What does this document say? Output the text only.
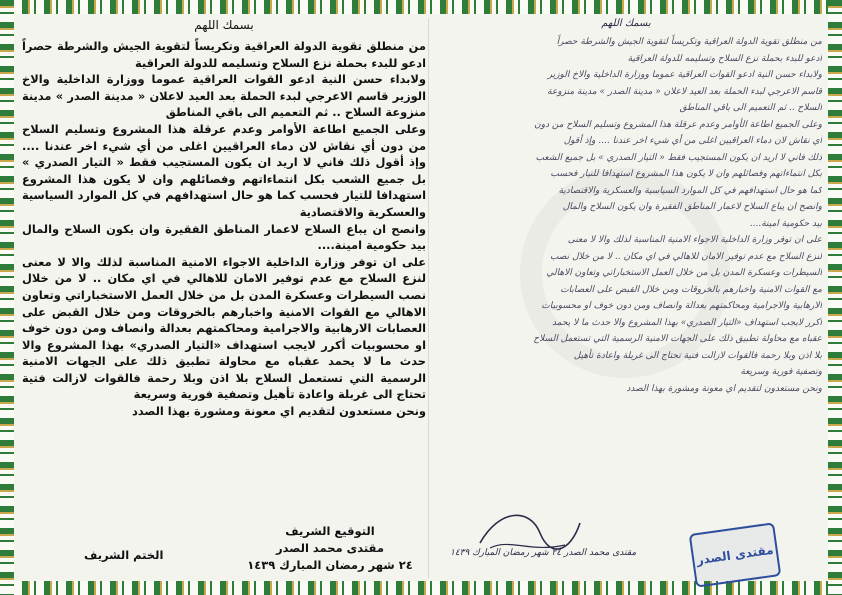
بسمك اللهم

من منطلق تقوية الدولة العراقية وتكريساً لتقوية الجيش والشرطة حصراً ادعو للبدء بحملة نزع السلاح وتسليمه للدولة العراقية

ولابداء حسن النية ادعو القوات العراقية عموما ووزارة الداخلية والاخ الوزير قاسم الاعرجي لبدء الحملة بعد العيد لاعلان « مدينة الصدر » مدينة منزوعة السلاح .. ثم التعميم الى باقي المناطق

وعلى الجميع اطاعة الأوامر وعدم عرقلة هذا المشروع وتسليم السلاح من دون أي نقاش لان دماء العراقيين اغلى من أي شيء اخر عندنا .... وإذ أقول ذلك فاني لا اريد ان يكون المستجيب فقط « التيار الصدري » بل جميع الشعب بكل انتماءاتهم وفصائلهم وان لا يكون هذا المشروع استهدافا للتيار فحسب كما هو حال استهدافهم في كل الموارد السياسية والعسكرية والاقتصادية

وانصح ان يباع السلاح لاعمار المناطق الفقيرة وان يكون السلاح والمال بيد حكومية امينة....

على ان توفر وزارة الداخلية الاجواء الامنية المناسبة لذلك والا لا معنى لنزع السلاح مع عدم توفير الامان للاهالي في اي مكان .. لا من خلال نصب السيطرات وعسكرة المدن بل من خلال العمل الاستخباراتي وتعاون الاهالي مع القوات الامنية واخبارهم بالخروقات ومن خلال القبض على العصابات الارهابية والاجرامية ومحاكمتهم بعدالة وانصاف ومن دون خوف او محسوبيات أكرر لايجب استهداف «التيار الصدري» بهذا المشروع والا حدث ما لا يحمد عقباه مع محاولة تطبيق ذلك على الجهات الامنية الرسمية التي تستعمل السلاح بلا اذن وبلا رحمة فالقوات لازالت فتية تحتاج الى غربلة واعادة تأهيل وتصفية فورية وسريعة

ونحن مستعدون لتقديم اي معونة ومشورة بهذا الصدد

التوقيع الشريف
مقتدى محمد الصدر
٢٤ شهر رمضان المبارك ١٤٣٩
الختم الشريف
بسمك اللهم

من منطلق تقوية الدولة العراقية وتكريساً لتقوية الجيش والشرطة حصراً

ادعو للبدء بحملة نزع السلاح وتسليمه للدولة العراقية

ولابداء حسن النية ادعو القوات العراقية عموما ووزارة الداخلية والاخ الوزير

قاسم الاعرجي لبدء الحملة بعد العيد لاعلان « مدينة الصدر » مدينة منزوعة

السلاح .. ثم التعميم الى باقي المناطق

وعلى الجميع اطاعة الأوامر وعدم عرقلة هذا المشروع وتسليم السلاح من دون

أي نقاش لان دماء العراقيين اغلى من أي شيء اخر عندنا .... وإذ أقول

ذلك فاني لا اريد ان يكون المستجيب فقط « التيار الصدري » بل جميع الشعب

بكل انتماءاتهم وفصائلهم وان لا يكون هذا المشروع استهدافا للتيار فحسب

كما هو حال استهدافهم في كل الموارد السياسية والعسكرية والاقتصادية

وانصح ان يباع السلاح لاعمار المناطق الفقيرة وان يكون السلاح والمال

بيد حكومية امينة....

على ان توفر وزارة الداخلية الاجواء الامنية المناسبة لذلك والا لا معنى

لنزع السلاح مع عدم توفير الامان للاهالي في اي مكان .. لا من خلال نصب

السيطرات وعسكرة المدن بل من خلال العمل الاستخباراتي وتعاون الاهالي

مع القوات الامنية واخبارهم بالخروقات ومن خلال القبض على العصابات

الارهابية والاجرامية ومحاكمتهم بعدالة وانصاف ومن دون خوف او محسوبيات

أكرر لايجب استهداف «التيار الصدري» بهذا المشروع والا حدث ما لا يحمد

عقباه مع محاولة تطبيق ذلك على الجهات الامنية الرسمية التي تستعمل السلاح

بلا اذن وبلا رحمة فالقوات لازالت فتية تحتاج الى غربلة واعادة تأهيل

وتصفية فورية وسريعة

ونحن مستعدون لتقديم اي معونة ومشورة بهذا الصدد

مقتدى محمد الصدر ٢٤ شهر رمضان المبارك ١٤٣٩	مقتدى الصدر
